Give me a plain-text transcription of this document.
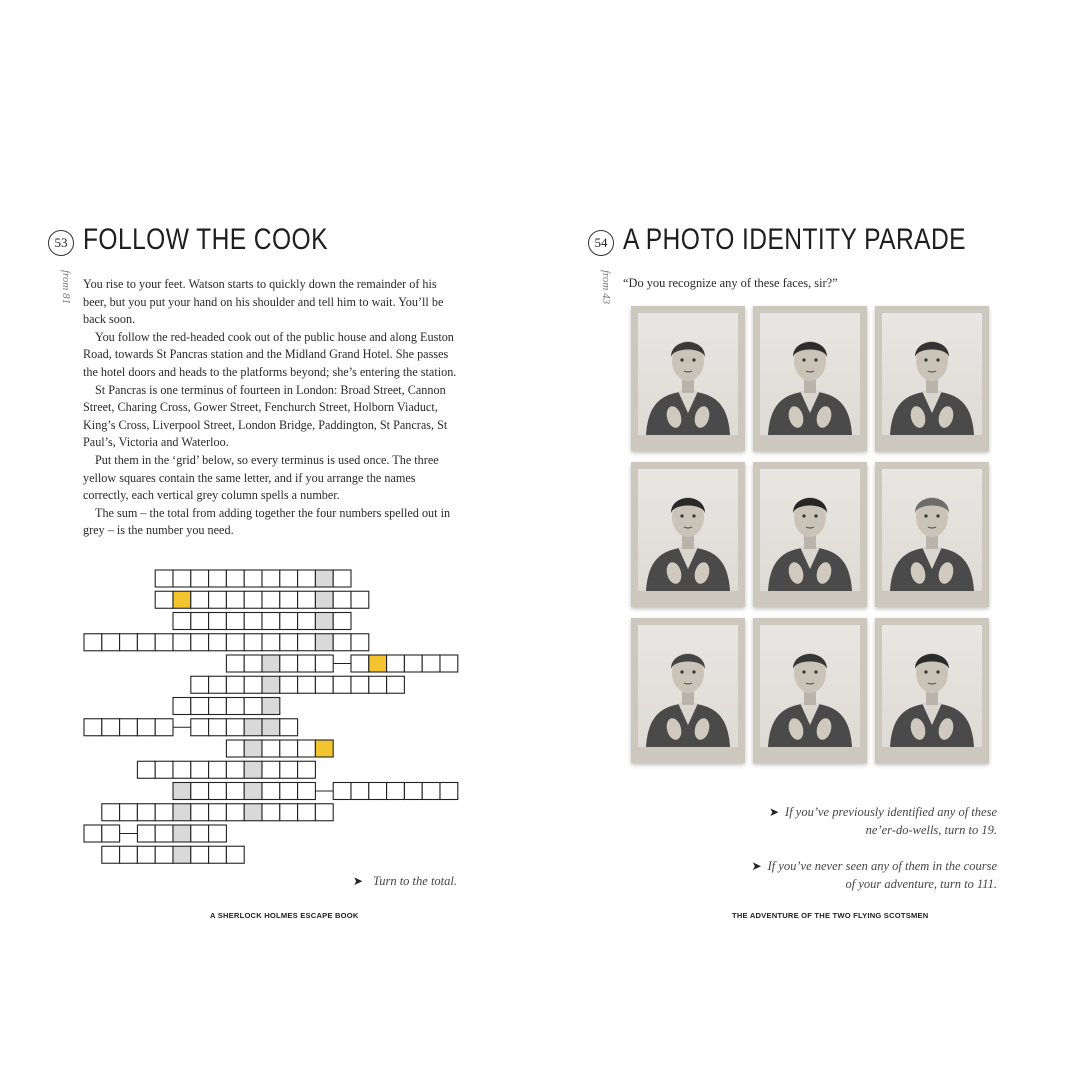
53 FOLLOW THE COOK
from 81 You rise to your feet. Watson starts to quickly down the remainder of his beer, but you put your hand on his shoulder and tell him to wait. You’ll be back soon.

You follow the red-headed cook out of the public house and along Euston Road, towards St Pancras station and the Midland Grand Hotel. She passes the hotel doors and heads to the platforms beyond; she’s entering the station.

St Pancras is one terminus of fourteen in London: Broad Street, Cannon Street, Charing Cross, Gower Street, Fenchurch Street, Holborn Viaduct, King’s Cross, Liverpool Street, London Bridge, Paddington, St Pancras, St Paul’s, Victoria and Waterloo.

Put them in the ‘grid’ below, so every terminus is used once. The three yellow squares contain the same letter, and if you arrange the names correctly, each vertical grey column spells a number.

The sum – the total from adding together the four numbers spelled out in grey – is the number you need.

➤ Turn to the total.
A SHERLOCK HOLMES ESCAPE BOOK
54 A PHOTO IDENTITY PARADE
from 43 “Do you recognize any of these faces, sir?”
➤ If you’ve previously identified any of these
ne’er-do-wells, turn to 19.
➤ If you’ve never seen any of them in the course
of your adventure, turn to 111.
THE ADVENTURE OF THE TWO FLYING SCOTSMEN
